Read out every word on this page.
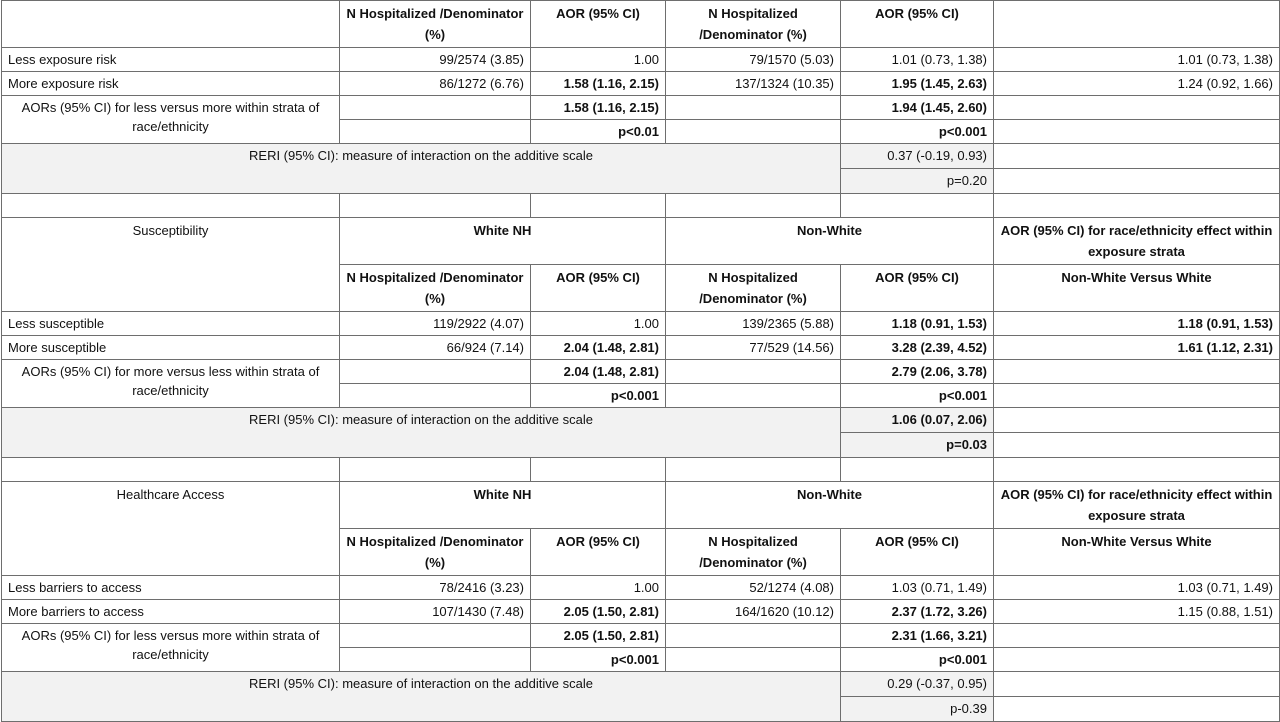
	N Hospitalized /Denominator (%)	AOR (95% CI)	N Hospitalized /Denominator (%)	AOR (95% CI)	
Less exposure risk	99/2574 (3.85)	1.00	79/1570 (5.03)	1.01 (0.73, 1.38)	1.01 (0.73, 1.38)
More exposure risk	86/1272 (6.76)	1.58 (1.16, 2.15)	137/1324 (10.35)	1.95 (1.45, 2.63)	1.24 (0.92, 1.66)
AORs (95% CI) for less versus more within strata of race/ethnicity		1.58 (1.16, 2.15)		1.94 (1.45, 2.60)	
		p<0.01		p<0.001	
RERI (95% CI): measure of interaction on the additive scale				0.37 (-0.19, 0.93)	
				p=0.20	

Susceptibility	White NH		Non-White		AOR (95% CI) for race/ethnicity effect within exposure strata
	N Hospitalized /Denominator (%)	AOR (95% CI)	N Hospitalized /Denominator (%)	AOR (95% CI)	Non-White Versus White
Less susceptible	119/2922 (4.07)	1.00	139/2365 (5.88)	1.18 (0.91, 1.53)	1.18 (0.91, 1.53)
More susceptible	66/924 (7.14)	2.04 (1.48, 2.81)	77/529 (14.56)	3.28 (2.39, 4.52)	1.61 (1.12, 2.31)
AORs (95% CI) for more versus less within strata of race/ethnicity		2.04 (1.48, 2.81)		2.79 (2.06, 3.78)	
		p<0.001		p<0.001	
RERI (95% CI): measure of interaction on the additive scale				1.06 (0.07, 2.06)	
				p=0.03	

Healthcare Access	White NH		Non-White		AOR (95% CI) for race/ethnicity effect within exposure strata
	N Hospitalized /Denominator (%)	AOR (95% CI)	N Hospitalized /Denominator (%)	AOR (95% CI)	Non-White Versus White
Less barriers to access	78/2416 (3.23)	1.00	52/1274 (4.08)	1.03 (0.71, 1.49)	1.03 (0.71, 1.49)
More barriers to access	107/1430 (7.48)	2.05 (1.50, 2.81)	164/1620 (10.12)	2.37 (1.72, 3.26)	1.15 (0.88, 1.51)
AORs (95% CI) for less versus more within strata of race/ethnicity		2.05 (1.50, 2.81)		2.31 (1.66, 3.21)	
		p<0.001		p<0.001	
RERI (95% CI): measure of interaction on the additive scale				0.29 (-0.37, 0.95)	
				p-0.39	
